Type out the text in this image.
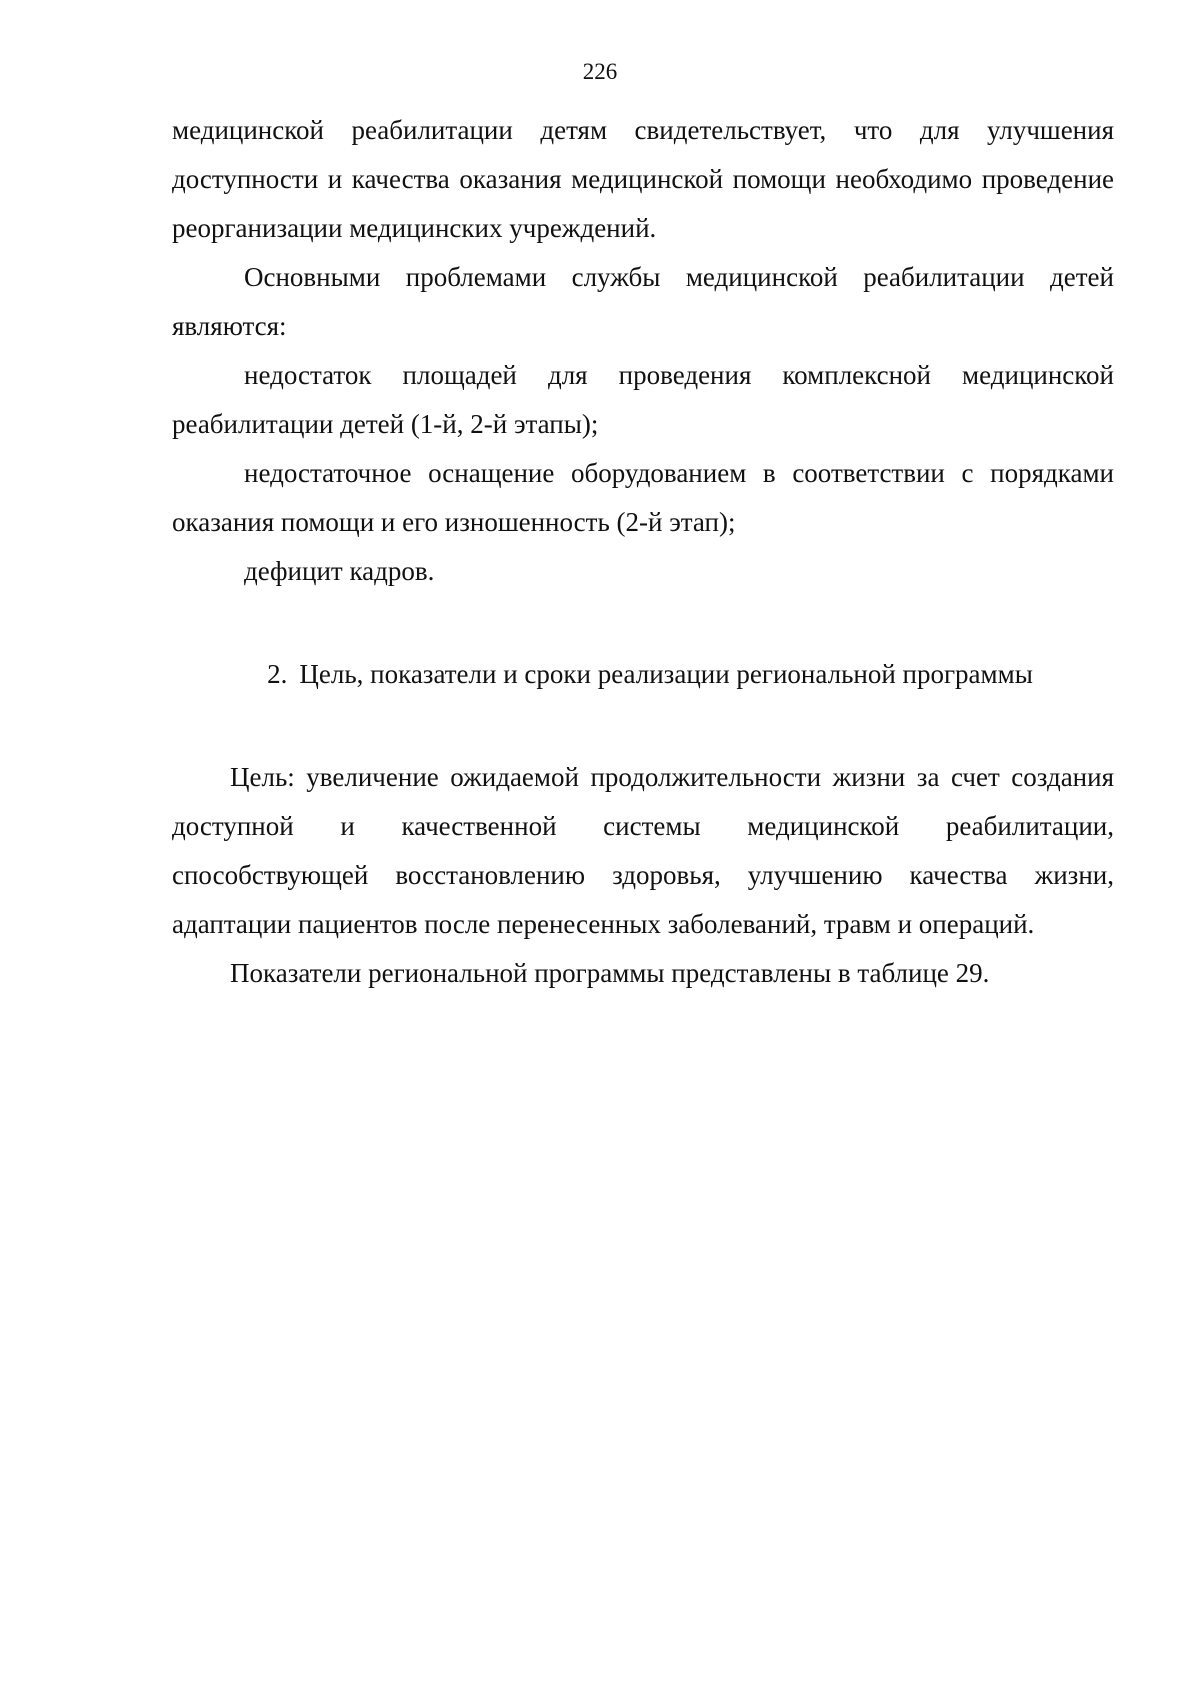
226

медицинской реабилитации детям свидетельствует, что для улучшения доступности и качества оказания медицинской помощи необходимо проведение реорганизации медицинских учреждений.

Основными проблемами службы медицинской реабилитации детей являются:

недостаток площадей для проведения комплексной медицинской реабилитации детей (1-й, 2-й этапы);

недостаточное оснащение оборудованием в соответствии с порядками оказания помощи и его изношенность (2-й этап);

дефицит кадров.

2. Цель, показатели и сроки реализации региональной программы

Цель: увеличение ожидаемой продолжительности жизни за счет создания доступной и качественной системы медицинской реабилитации, способствующей восстановлению здоровья, улучшению качества жизни, адаптации пациентов после перенесенных заболеваний, травм и операций.

Показатели региональной программы представлены в таблице 29.
